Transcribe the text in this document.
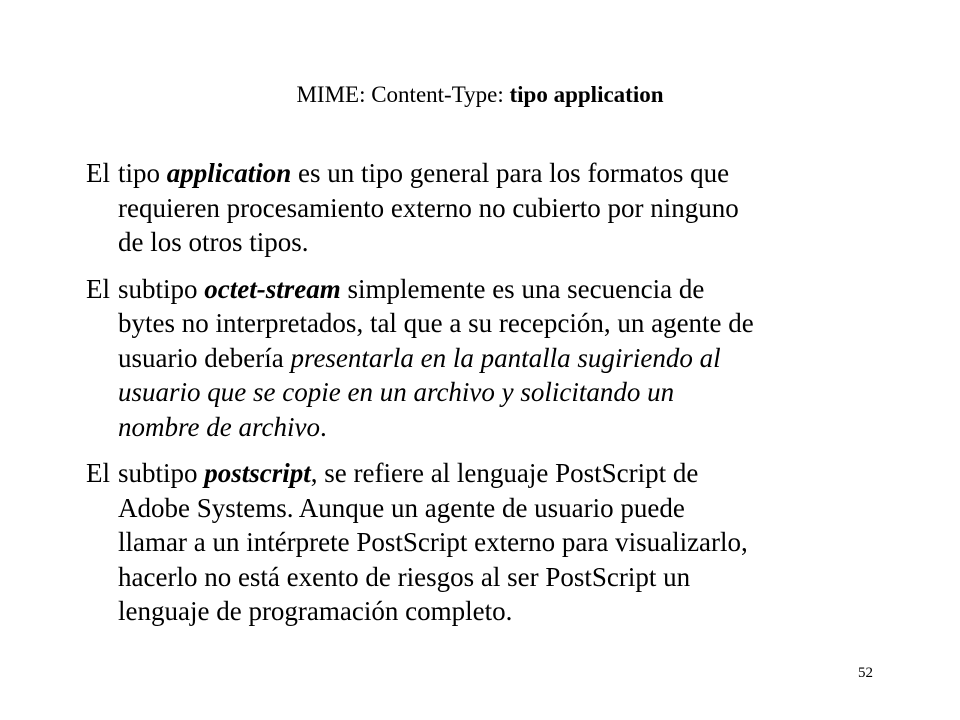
MIME: Content-Type: tipo application
El tipo application es un tipo general para los formatos que
requieren procesamiento externo no cubierto por ninguno
de los otros tipos.
El subtipo octet-stream simplemente es una secuencia de
bytes no interpretados, tal que a su recepción, un agente de
usuario debería presentarla en la pantalla sugiriendo al
usuario que se copie en un archivo y solicitando un
nombre de archivo.
El subtipo postscript, se refiere al lenguaje PostScript de
Adobe Systems. Aunque un agente de usuario puede
llamar a un intérprete PostScript externo para visualizarlo,
hacerlo no está exento de riesgos al ser PostScript un
lenguaje de programación completo.
52
